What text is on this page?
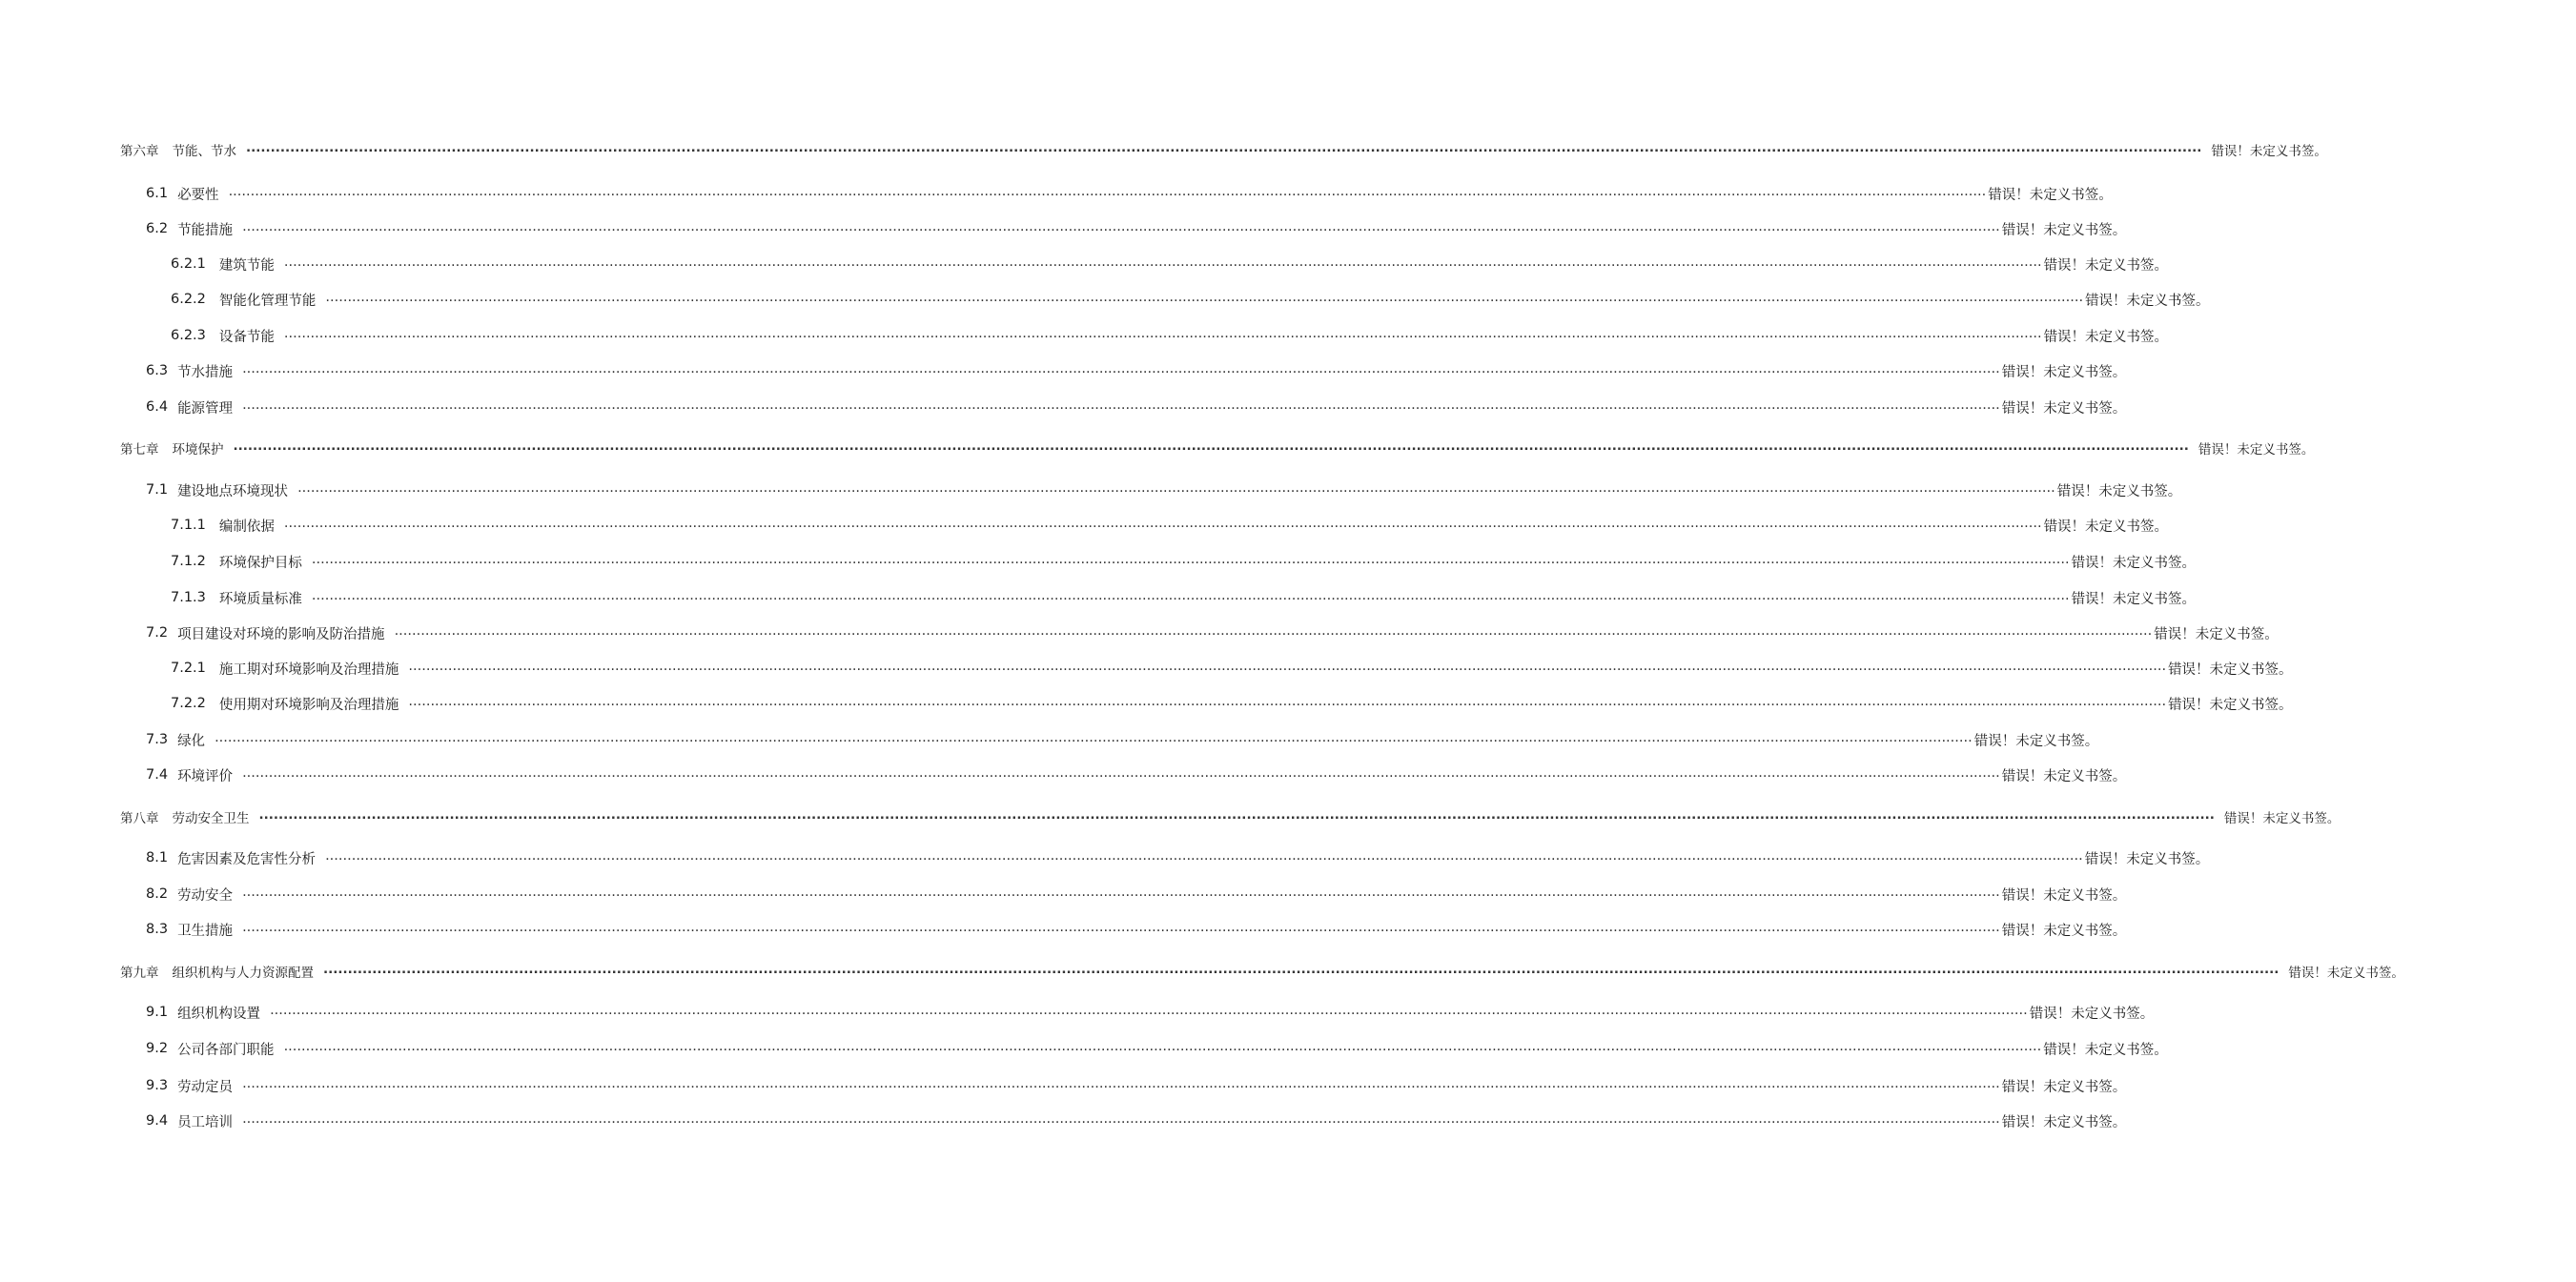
第六章 节能、节水 ................................................................................................................................................................................................................................................................................................................................................................................................................ 错误！未定义书签。
6.1 必要性 ................................................................................................................................................................................................................................................................................................................................................................................................................ 错误！未定义书签。
6.2 节能措施 ................................................................................................................................................................................................................................................................................................................................................................................................................ 错误！未定义书签。
6.2.1 建筑节能 ................................................................................................................................................................................................................................................................................................................................................................................................................ 错误！未定义书签。
6.2.2 智能化管理节能 ................................................................................................................................................................................................................................................................................................................................................................................................................ 错误！未定义书签。
6.2.3 设备节能 ................................................................................................................................................................................................................................................................................................................................................................................................................ 错误！未定义书签。
6.3 节水措施 ................................................................................................................................................................................................................................................................................................................................................................................................................ 错误！未定义书签。
6.4 能源管理 ................................................................................................................................................................................................................................................................................................................................................................................................................ 错误！未定义书签。
第七章 环境保护 ................................................................................................................................................................................................................................................................................................................................................................................................................ 错误！未定义书签。
7.1 建设地点环境现状 ................................................................................................................................................................................................................................................................................................................................................................................................................ 错误！未定义书签。
7.1.1 编制依据 ................................................................................................................................................................................................................................................................................................................................................................................................................ 错误！未定义书签。
7.1.2 环境保护目标 ................................................................................................................................................................................................................................................................................................................................................................................................................ 错误！未定义书签。
7.1.3 环境质量标准 ................................................................................................................................................................................................................................................................................................................................................................................................................ 错误！未定义书签。
7.2 项目建设对环境的影响及防治措施 ................................................................................................................................................................................................................................................................................................................................................................................................................ 错误！未定义书签。
7.2.1 施工期对环境影响及治理措施 ................................................................................................................................................................................................................................................................................................................................................................................................................ 错误！未定义书签。
7.2.2 使用期对环境影响及治理措施 ................................................................................................................................................................................................................................................................................................................................................................................................................ 错误！未定义书签。
7.3 绿化 ................................................................................................................................................................................................................................................................................................................................................................................................................ 错误！未定义书签。
7.4 环境评价 ................................................................................................................................................................................................................................................................................................................................................................................................................ 错误！未定义书签。
第八章 劳动安全卫生 ................................................................................................................................................................................................................................................................................................................................................................................................................ 错误！未定义书签。
8.1 危害因素及危害性分析 ................................................................................................................................................................................................................................................................................................................................................................................................................ 错误！未定义书签。
8.2 劳动安全 ................................................................................................................................................................................................................................................................................................................................................................................................................ 错误！未定义书签。
8.3 卫生措施 ................................................................................................................................................................................................................................................................................................................................................................................................................ 错误！未定义书签。
第九章 组织机构与人力资源配置 ................................................................................................................................................................................................................................................................................................................................................................................................................ 错误！未定义书签。
9.1 组织机构设置 ................................................................................................................................................................................................................................................................................................................................................................................................................ 错误！未定义书签。
9.2 公司各部门职能 ................................................................................................................................................................................................................................................................................................................................................................................................................ 错误！未定义书签。
9.3 劳动定员 ................................................................................................................................................................................................................................................................................................................................................................................................................ 错误！未定义书签。
9.4 员工培训 ................................................................................................................................................................................................................................................................................................................................................................................................................ 错误！未定义书签。
